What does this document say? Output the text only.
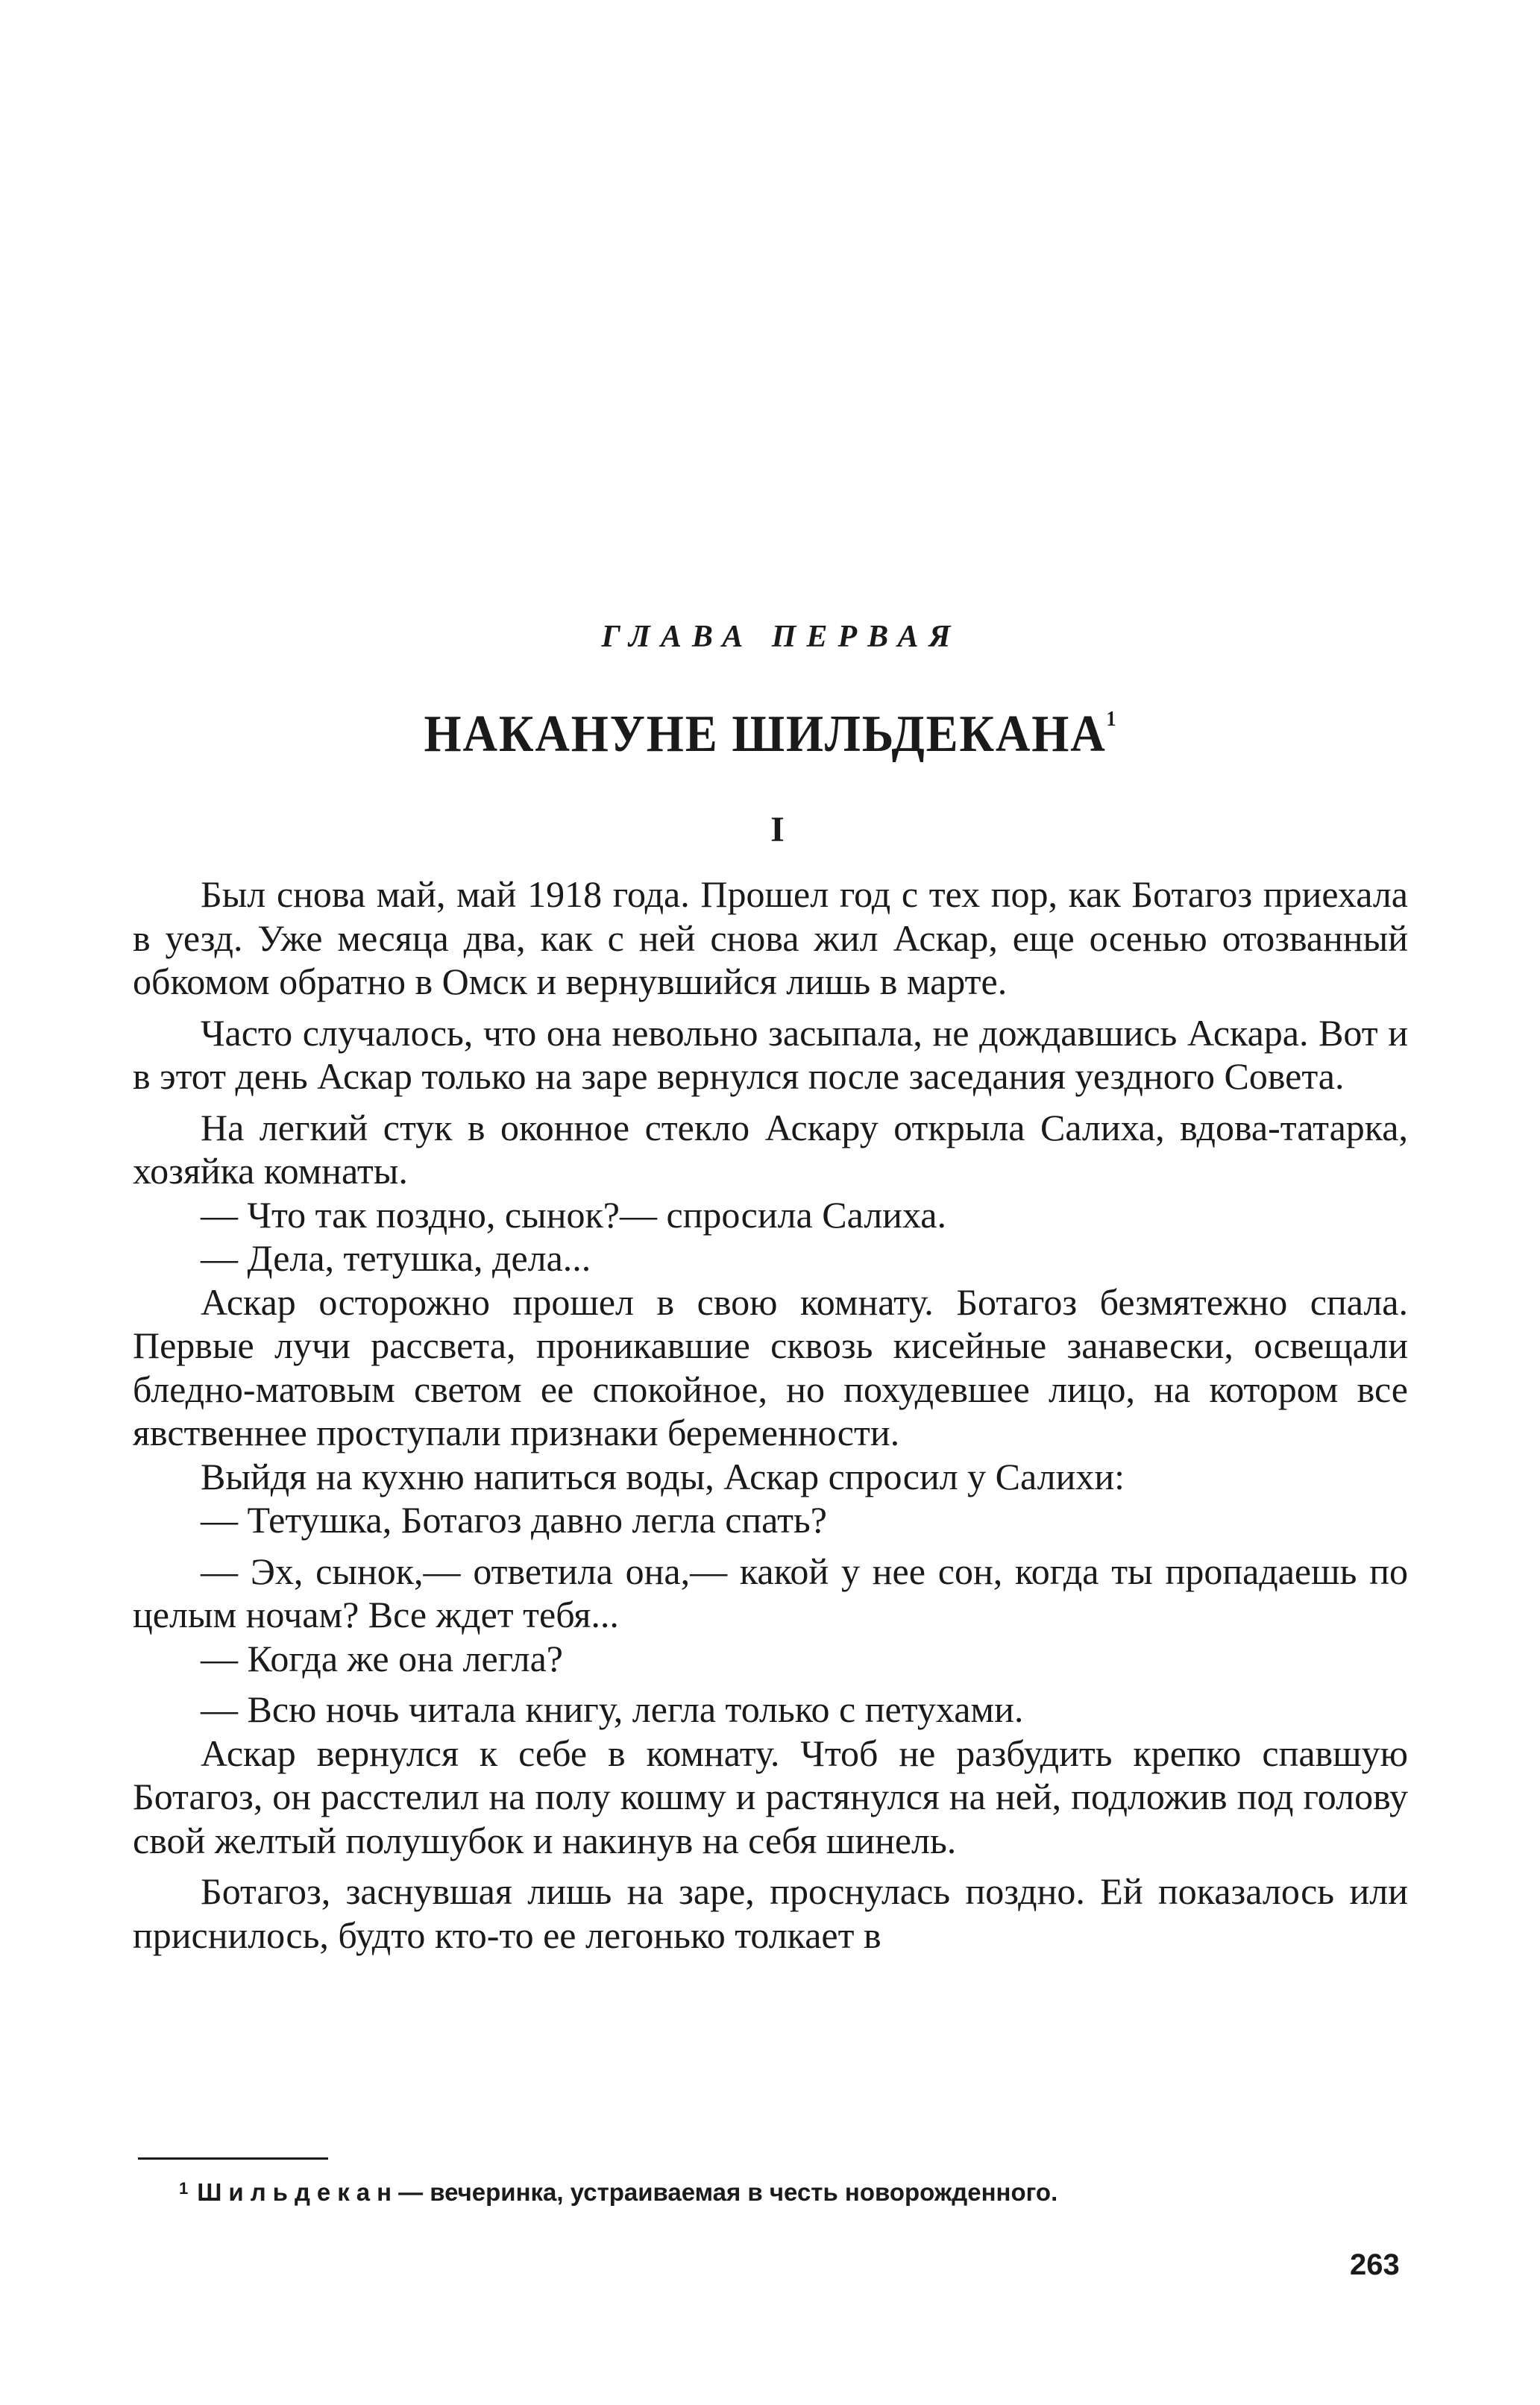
ГЛАВА ПЕРВАЯ
НАКАНУНЕ ШИЛЬДЕКАНА$^1$
I

Был снова май, май 1918 года. Прошел год с тех пор, как Ботагоз приехала в уезд. Уже месяца два, как с ней снова жил Аскар, еще осенью отозванный обкомом обратно в Омск и вернувшийся лишь в марте.

Часто случалось, что она невольно засыпала, не дождавшись Аскара. Вот и в этот день Аскар только на заре вернулся после заседания уездного Совета.

На легкий стук в оконное стекло Аскару открыла Салиха, вдова-татарка, хозяйка комнаты.

— Что так поздно, сынок?— спросила Салиха.

— Дела, тетушка, дела...

Аскар осторожно прошел в свою комнату. Ботагоз безмятежно спала. Первые лучи рассвета, проникавшие сквозь кисейные занавески, освещали бледно-матовым светом ее спокойное, но похудевшее лицо, на котором все явственнее проступали признаки беременности.

Выйдя на кухню напиться воды, Аскар спросил у Салихи:

— Тетушка, Ботагоз давно легла спать?

— Эх, сынок,— ответила она,— какой у нее сон, когда ты пропадаешь по целым ночам? Все ждет тебя...

— Когда же она легла?

— Всю ночь читала книгу, легла только с петухами.

Аскар вернулся к себе в комнату. Чтоб не разбудить крепко спавшую Ботагоз, он расстелил на полу кошму и растянулся на ней, подложив под голову свой желтый полушубок и накинув на себя шинель.

Ботагоз, заснувшая лишь на заре, проснулась поздно. Ей показалось или приснилось, будто кто-то ее легонько толкает в

$^1$ Шильдекан— вечеринка, устраиваемая в честь новорожденного.
263
